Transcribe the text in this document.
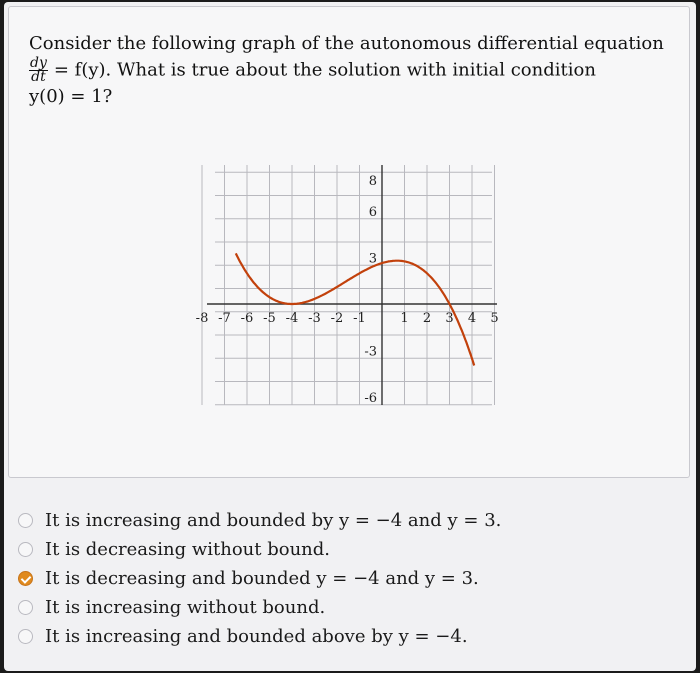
Consider the following graph of the autonomous differential equation
$\frac{dy}{dt} = f(y)$. What is true about the solution with initial condition
y(0) = 1?
-8 -7 -6 -5 -4 -3 -2 -1	1 2 3 4 5
8
6
3
-3
-6
It is increasing and bounded by y = −4 and y = 3.
It is decreasing without bound.
It is decreasing and bounded y = −4 and y = 3.
It is increasing without bound.
It is increasing and bounded above by y = −4.
